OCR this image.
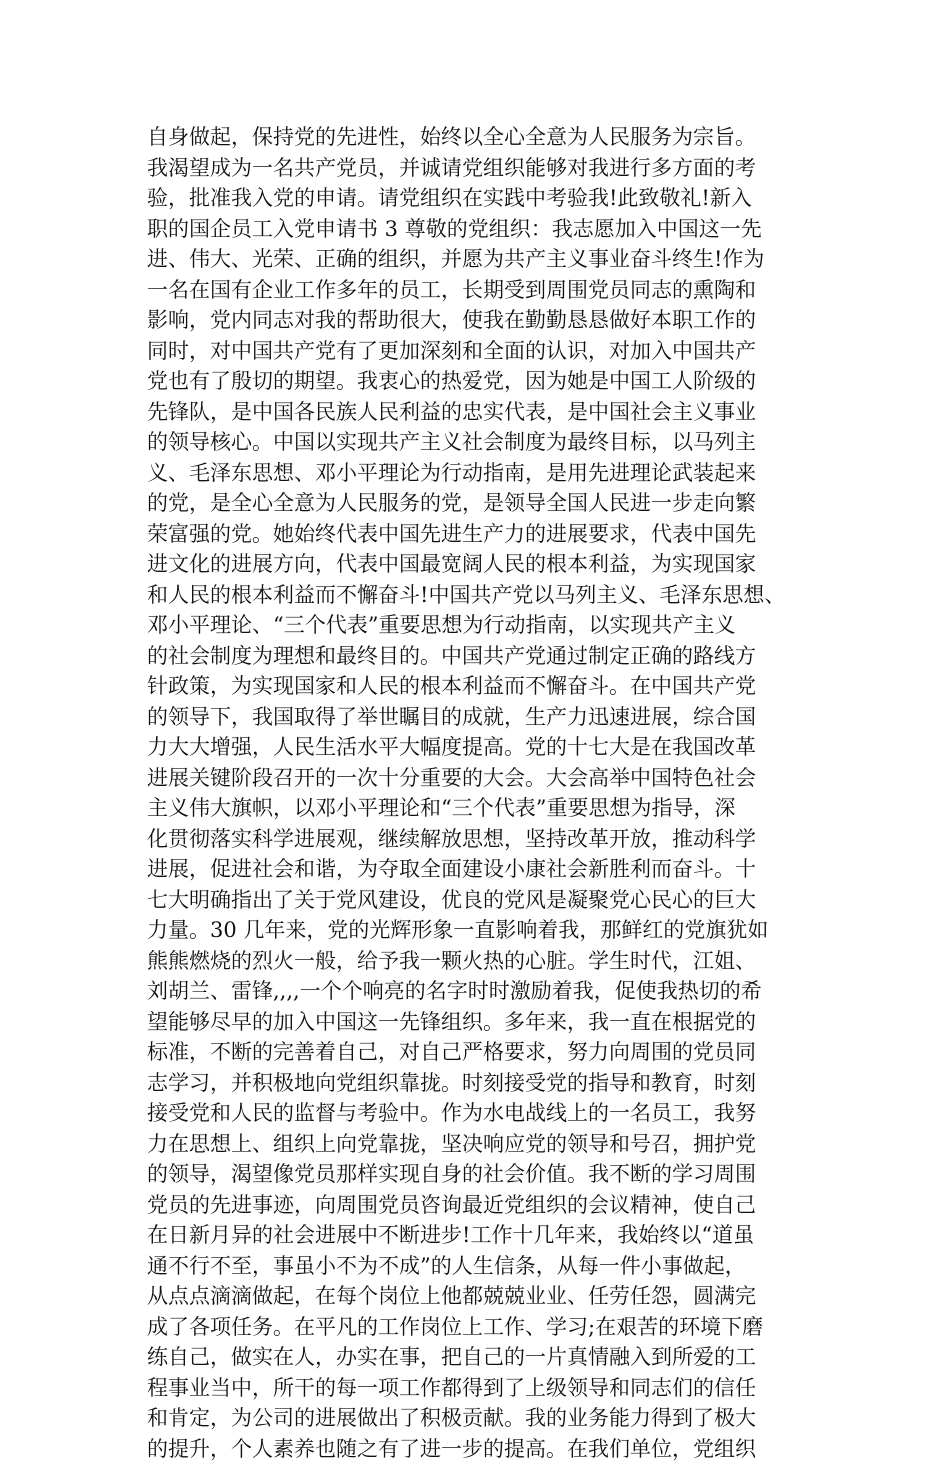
自身做起，保持党的先进性，始终以全心全意为人民服务为宗旨。
我渴望成为一名共产党员，并诚请党组织能够对我进行多方面的考
验，批准我入党的申请。请党组织在实践中考验我!此致敬礼!新入
职的国企员工入党申请书 3 尊敬的党组织：我志愿加入中国这一先
进、伟大、光荣、正确的组织，并愿为共产主义事业奋斗终生!作为
一名在国有企业工作多年的员工，长期受到周围党员同志的熏陶和
影响，党内同志对我的帮助很大，使我在勤勤恳恳做好本职工作的
同时，对中国共产党有了更加深刻和全面的认识，对加入中国共产
党也有了殷切的期望。我衷心的热爱党，因为她是中国工人阶级的
先锋队，是中国各民族人民利益的忠实代表，是中国社会主义事业
的领导核心。中国以实现共产主义社会制度为最终目标，以马列主
义、毛泽东思想、邓小平理论为行动指南，是用先进理论武装起来
的党，是全心全意为人民服务的党，是领导全国人民进一步走向繁
荣富强的党。她始终代表中国先进生产力的进展要求，代表中国先
进文化的进展方向，代表中国最宽阔人民的根本利益，为实现国家
和人民的根本利益而不懈奋斗!中国共产党以马列主义、毛泽东思想、
邓小平理论、“三个代表”重要思想为行动指南，以实现共产主义
的社会制度为理想和最终目的。中国共产党通过制定正确的路线方
针政策，为实现国家和人民的根本利益而不懈奋斗。在中国共产党
的领导下，我国取得了举世瞩目的成就，生产力迅速进展，综合国
力大大增强，人民生活水平大幅度提高。党的十七大是在我国改革
进展关键阶段召开的一次十分重要的大会。大会高举中国特色社会
主义伟大旗帜，以邓小平理论和“三个代表”重要思想为指导，深
化贯彻落实科学进展观，继续解放思想，坚持改革开放，推动科学
进展，促进社会和谐，为夺取全面建设小康社会新胜利而奋斗。十
七大明确指出了关于党风建设，优良的党风是凝聚党心民心的巨大
力量。30 几年来，党的光辉形象一直影响着我，那鲜红的党旗犹如
熊熊燃烧的烈火一般，给予我一颗火热的心脏。学生时代，江姐、
刘胡兰、雷锋,,,,一个个响亮的名字时时激励着我，促使我热切的希
望能够尽早的加入中国这一先锋组织。多年来，我一直在根据党的
标准，不断的完善着自己，对自己严格要求，努力向周围的党员同
志学习，并积极地向党组织靠拢。时刻接受党的指导和教育，时刻
接受党和人民的监督与考验中。作为水电战线上的一名员工，我努
力在思想上、组织上向党靠拢，坚决响应党的领导和号召，拥护党
的领导，渴望像党员那样实现自身的社会价值。我不断的学习周围
党员的先进事迹，向周围党员咨询最近党组织的会议精神，使自己
在日新月异的社会进展中不断进步!工作十几年来，我始终以“道虽
通不行不至，事虽小不为不成”的人生信条，从每一件小事做起，
从点点滴滴做起，在每个岗位上他都兢兢业业、任劳任怨，圆满完
成了各项任务。在平凡的工作岗位上工作、学习;在艰苦的环境下磨
练自己，做实在人，办实在事，把自己的一片真情融入到所爱的工
程事业当中，所干的每一项工作都得到了上级领导和同志们的信任
和肯定，为公司的进展做出了积极贡献。我的业务能力得到了极大
的提升，个人素养也随之有了进一步的提高。在我们单位，党组织
